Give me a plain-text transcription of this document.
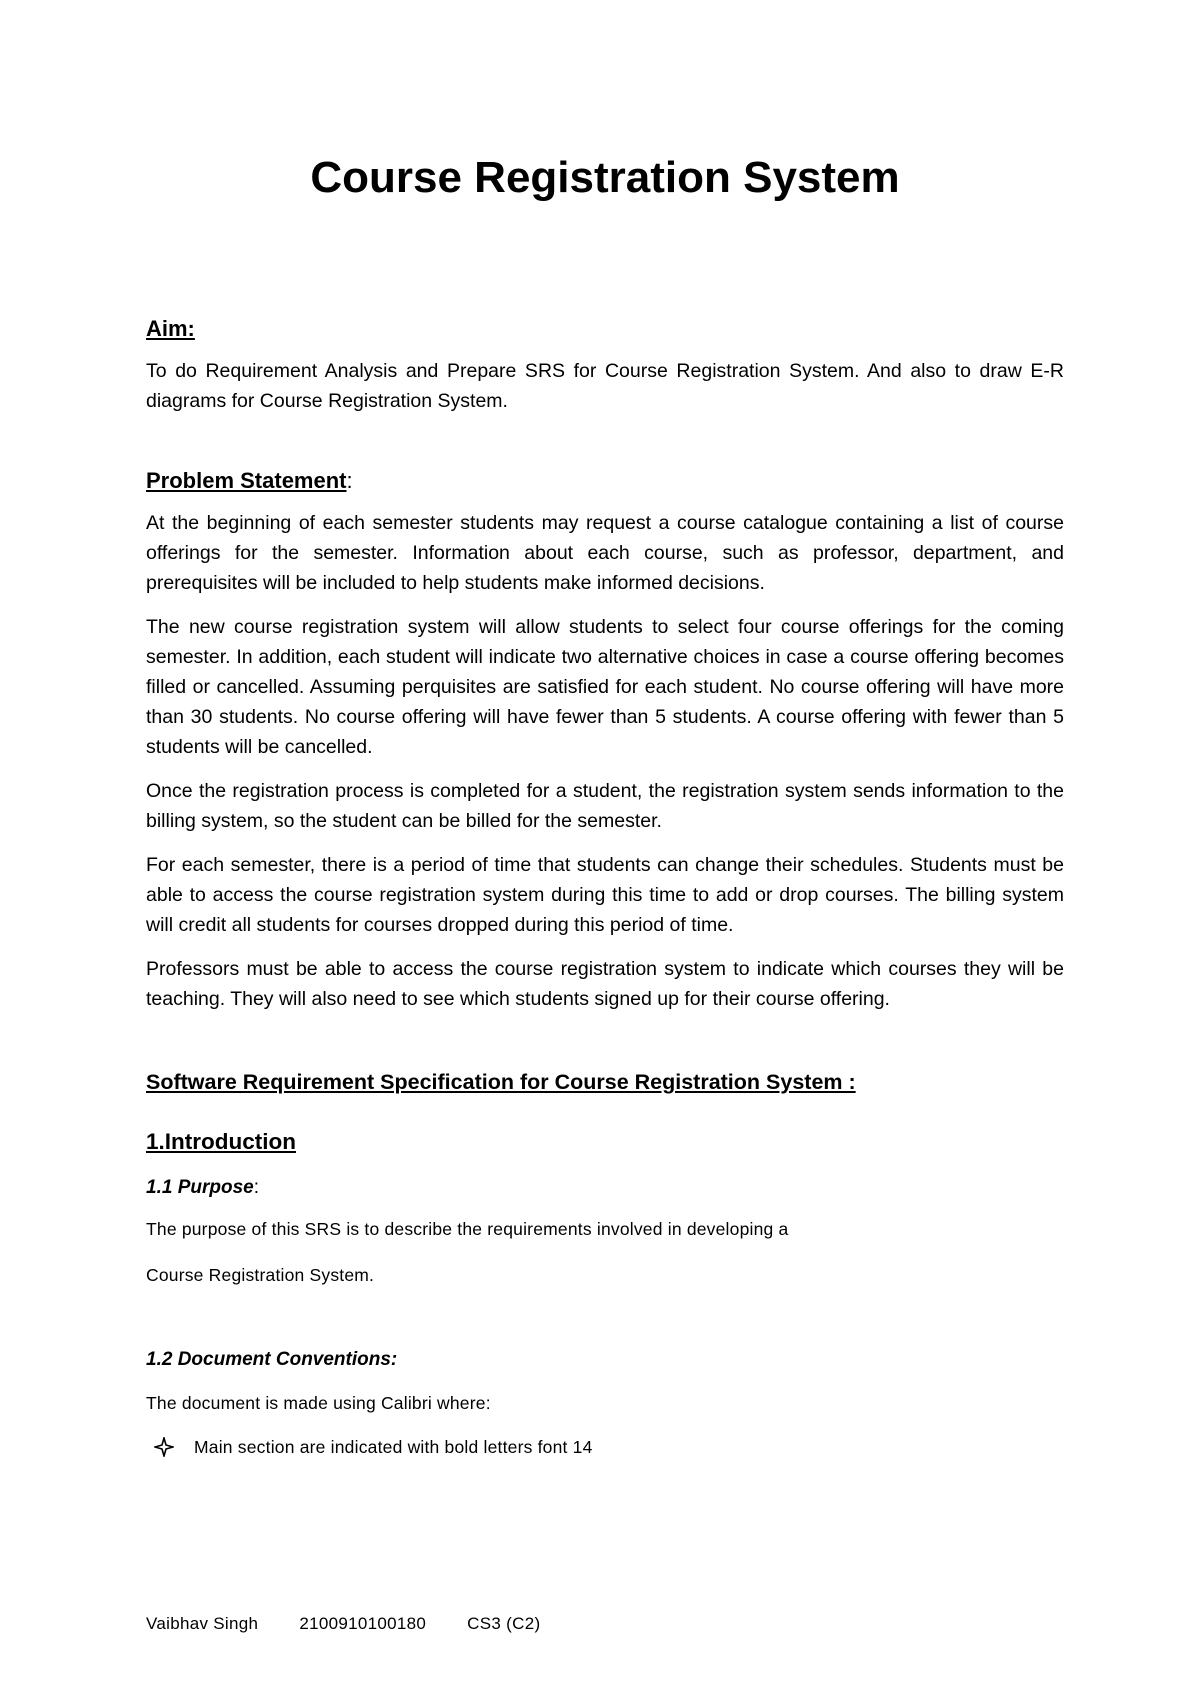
Course Registration System

Aim:

To do Requirement Analysis and Prepare SRS for Course Registration System. And also to draw E-R diagrams for Course Registration System.

Problem Statement:

At the beginning of each semester students may request a course catalogue containing a list of course offerings for the semester. Information about each course, such as professor, department, and prerequisites will be included to help students make informed decisions.

The new course registration system will allow students to select four course offerings for the coming semester. In addition, each student will indicate two alternative choices in case a course offering becomes filled or cancelled. Assuming perquisites are satisfied for each student. No course offering will have more than 30 students. No course offering will have fewer than 5 students. A course offering with fewer than 5 students will be cancelled.

Once the registration process is completed for a student, the registration system sends information to the billing system, so the student can be billed for the semester.

For each semester, there is a period of time that students can change their schedules. Students must be able to access the course registration system during this time to add or drop courses. The billing system will credit all students for courses dropped during this period of time.

Professors must be able to access the course registration system to indicate which courses they will be teaching. They will also need to see which students signed up for their course offering.

Software Requirement Specification for Course Registration System :

1.Introduction

1.1 Purpose:

The purpose of this SRS is to describe the requirements involved in developing a

Course Registration System.

1.2 Document Conventions:

The document is made using Calibri where:

Main section are indicated with bold letters font 14
Vaibhav Singh 2100910100180 CS3 (C2)
